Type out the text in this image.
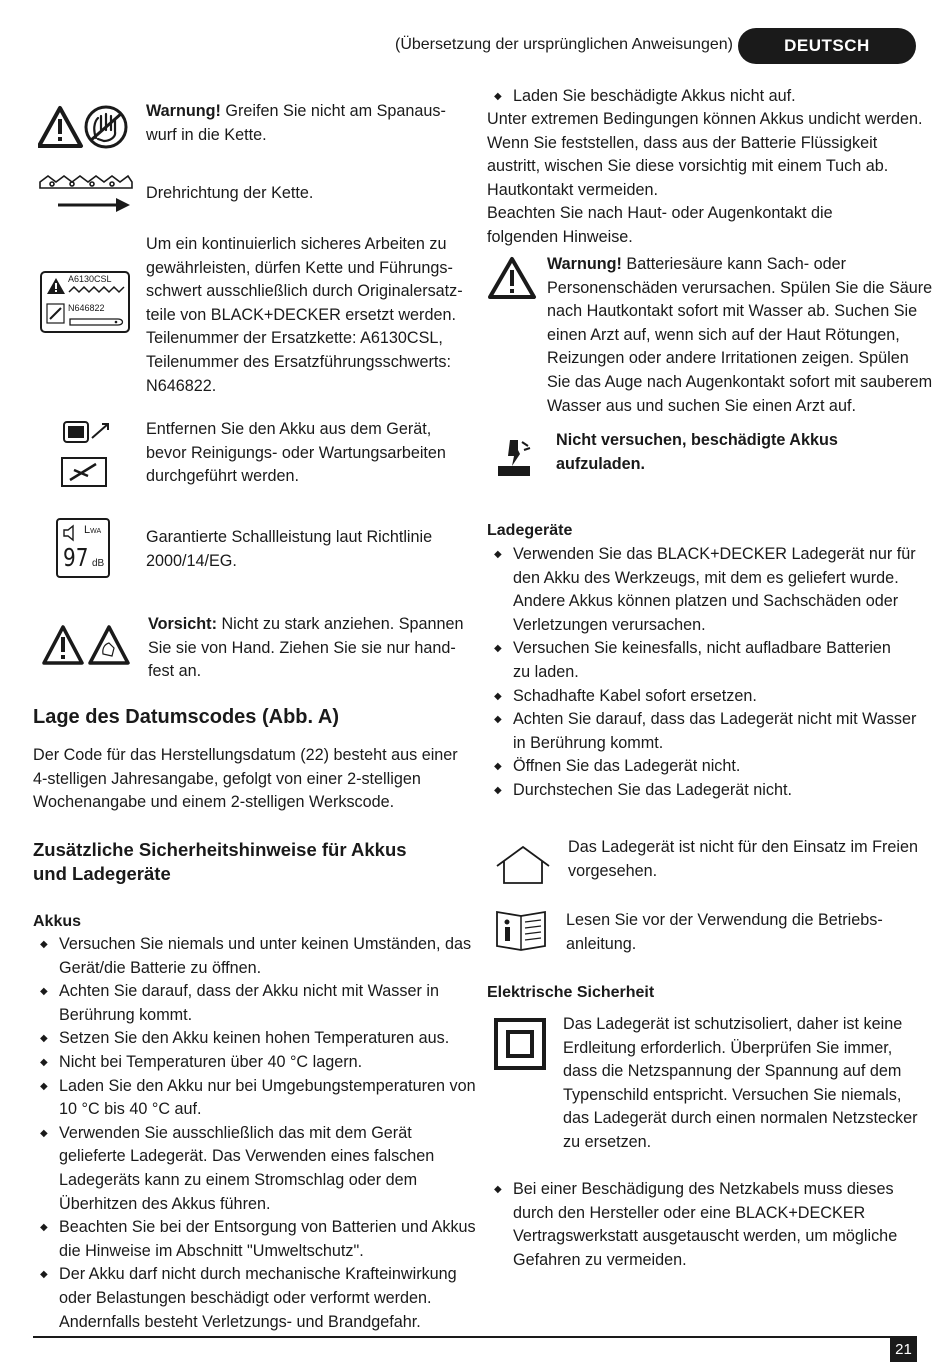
(Übersetzung der ursprünglichen Anweisungen)	DEUTSCH

Warnung! Greifen Sie nicht am Spanaus-
wurf in die Kette.

Drehrichtung der Kette.

A6130CSL
N646822

Um ein kontinuierlich sicheres Arbeiten zu
gewährleisten, dürfen Kette und Führungs-
schwert ausschließlich durch Originalersatz-
teile von BLACK+DECKER ersetzt werden.
Teilenummer der Ersatzkette: A6130CSL,
Teilenummer des Ersatzführungsschwerts:
N646822.

Entfernen Sie den Akku aus dem Gerät,
bevor Reinigungs- oder Wartungsarbeiten
durchgeführt werden.

LWA
97 dB

Garantierte Schallleistung laut Richtlinie
2000/14/EG.

Vorsicht: Nicht zu stark anziehen. Spannen
Sie sie von Hand. Ziehen Sie sie nur hand-
fest an.

Lage des Datumscodes (Abb. A)

Der Code für das Herstellungsdatum (22) besteht aus einer
4-stelligen Jahresangabe, gefolgt von einer 2-stelligen
Wochenangabe und einem 2-stelligen Werkscode.

Zusätzliche Sicherheitshinweise für Akkus
und Ladegeräte
Akkus
◆ Versuchen Sie niemals und unter keinen Umständen, das
Gerät/die Batterie zu öffnen.
◆ Achten Sie darauf, dass der Akku nicht mit Wasser in
Berührung kommt.
◆ Setzen Sie den Akku keinen hohen Temperaturen aus.
◆ Nicht bei Temperaturen über 40 °C lagern.
◆ Laden Sie den Akku nur bei Umgebungstemperaturen von
10 °C bis 40 °C auf.
◆ Verwenden Sie ausschließlich das mit dem Gerät
gelieferte Ladegerät. Das Verwenden eines falschen
Ladegeräts kann zu einem Stromschlag oder dem
Überhitzen des Akkus führen.
◆ Beachten Sie bei der Entsorgung von Batterien und Akkus
die Hinweise im Abschnitt "Umweltschutz".
◆ Der Akku darf nicht durch mechanische Krafteinwirkung
oder Belastungen beschädigt oder verformt werden.
Andernfalls besteht Verletzungs- und Brandgefahr.
◆ Laden Sie beschädigte Akkus nicht auf.

Unter extremen Bedingungen können Akkus undicht werden.
Wenn Sie feststellen, dass aus der Batterie Flüssigkeit
austritt, wischen Sie diese vorsichtig mit einem Tuch ab.
Hautkontakt vermeiden.
Beachten Sie nach Haut- oder Augenkontakt die
folgenden Hinweise.

Warnung! Batteriesäure kann Sach- oder
Personenschäden verursachen. Spülen Sie die Säure
nach Hautkontakt sofort mit Wasser ab. Suchen Sie
einen Arzt auf, wenn sich auf der Haut Rötungen,
Reizungen oder andere Irritationen zeigen. Spülen
Sie das Auge nach Augenkontakt sofort mit sauberem
Wasser aus und suchen Sie einen Arzt auf.

Nicht versuchen, beschädigte Akkus
aufzuladen.

Ladegeräte
◆ Verwenden Sie das BLACK+DECKER Ladegerät nur für
den Akku des Werkzeugs, mit dem es geliefert wurde.
Andere Akkus können platzen und Sachschäden oder
Verletzungen verursachen.
◆ Versuchen Sie keinesfalls, nicht aufladbare Batterien
zu laden.
◆ Schadhafte Kabel sofort ersetzen.
◆ Achten Sie darauf, dass das Ladegerät nicht mit Wasser
in Berührung kommt.
◆ Öffnen Sie das Ladegerät nicht.
◆ Durchstechen Sie das Ladegerät nicht.

Das Ladegerät ist nicht für den Einsatz im Freien
vorgesehen.

Lesen Sie vor der Verwendung die Betriebs-
anleitung.

Elektrische Sicherheit

Das Ladegerät ist schutzisoliert, daher ist keine
Erdleitung erforderlich. Überprüfen Sie immer,
dass die Netzspannung der Spannung auf dem
Typenschild entspricht. Versuchen Sie niemals,
das Ladegerät durch einen normalen Netzstecker
zu ersetzen.

◆ Bei einer Beschädigung des Netzkabels muss dieses
durch den Hersteller oder eine BLACK+DECKER
Vertragswerkstatt ausgetauscht werden, um mögliche
Gefahren zu vermeiden.
21
